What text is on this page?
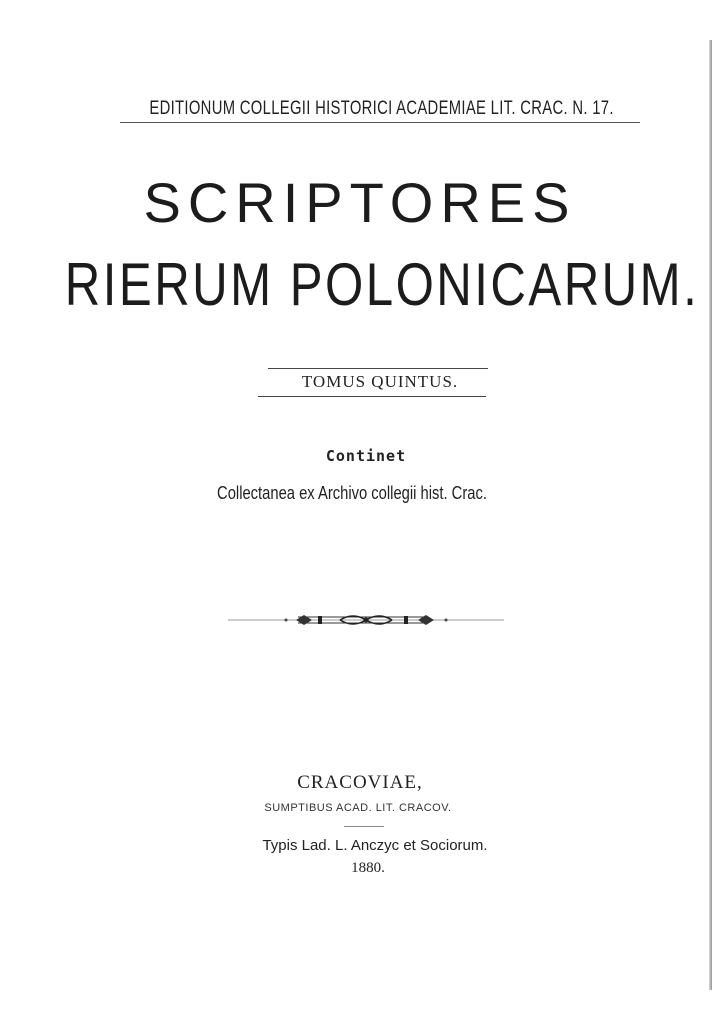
EDITIONUM COLLEGII HISTORICI ACADEMIAE LIT. CRAC. N. 17.
SCRIPTORES
RIERUM POLONICARUM.
TOMUS QUINTUS.
Continet
Collectanea ex Archivo collegii hist. Crac.
CRACOVIAE,
SUMPTIBUS ACAD. LIT. CRACOV.
Typis Lad. L. Anczyc et Sociorum.
1880.
